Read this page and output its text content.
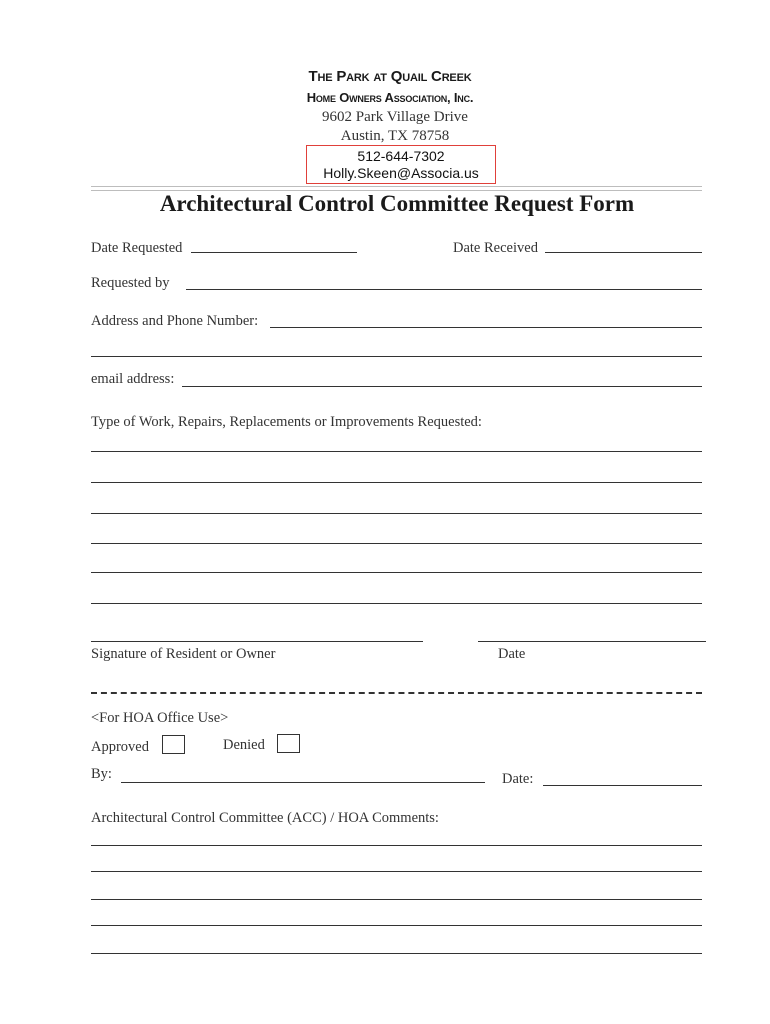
The Park at Quail Creek
Home Owners Association, Inc.
9602 Park Village Drive
Austin, TX 78758
512-644-7302
Holly.Skeen@Associa.us
Architectural Control Committee Request Form
Date Requested	Date Received
Requested by
Address and Phone Number:
email address:
Type of Work, Repairs, Replacements or Improvements Requested:
Signature of Resident or Owner	Date
<For HOA Office Use>
Approved	Denied
By:	Date:
Architectural Control Committee (ACC) / HOA Comments:
